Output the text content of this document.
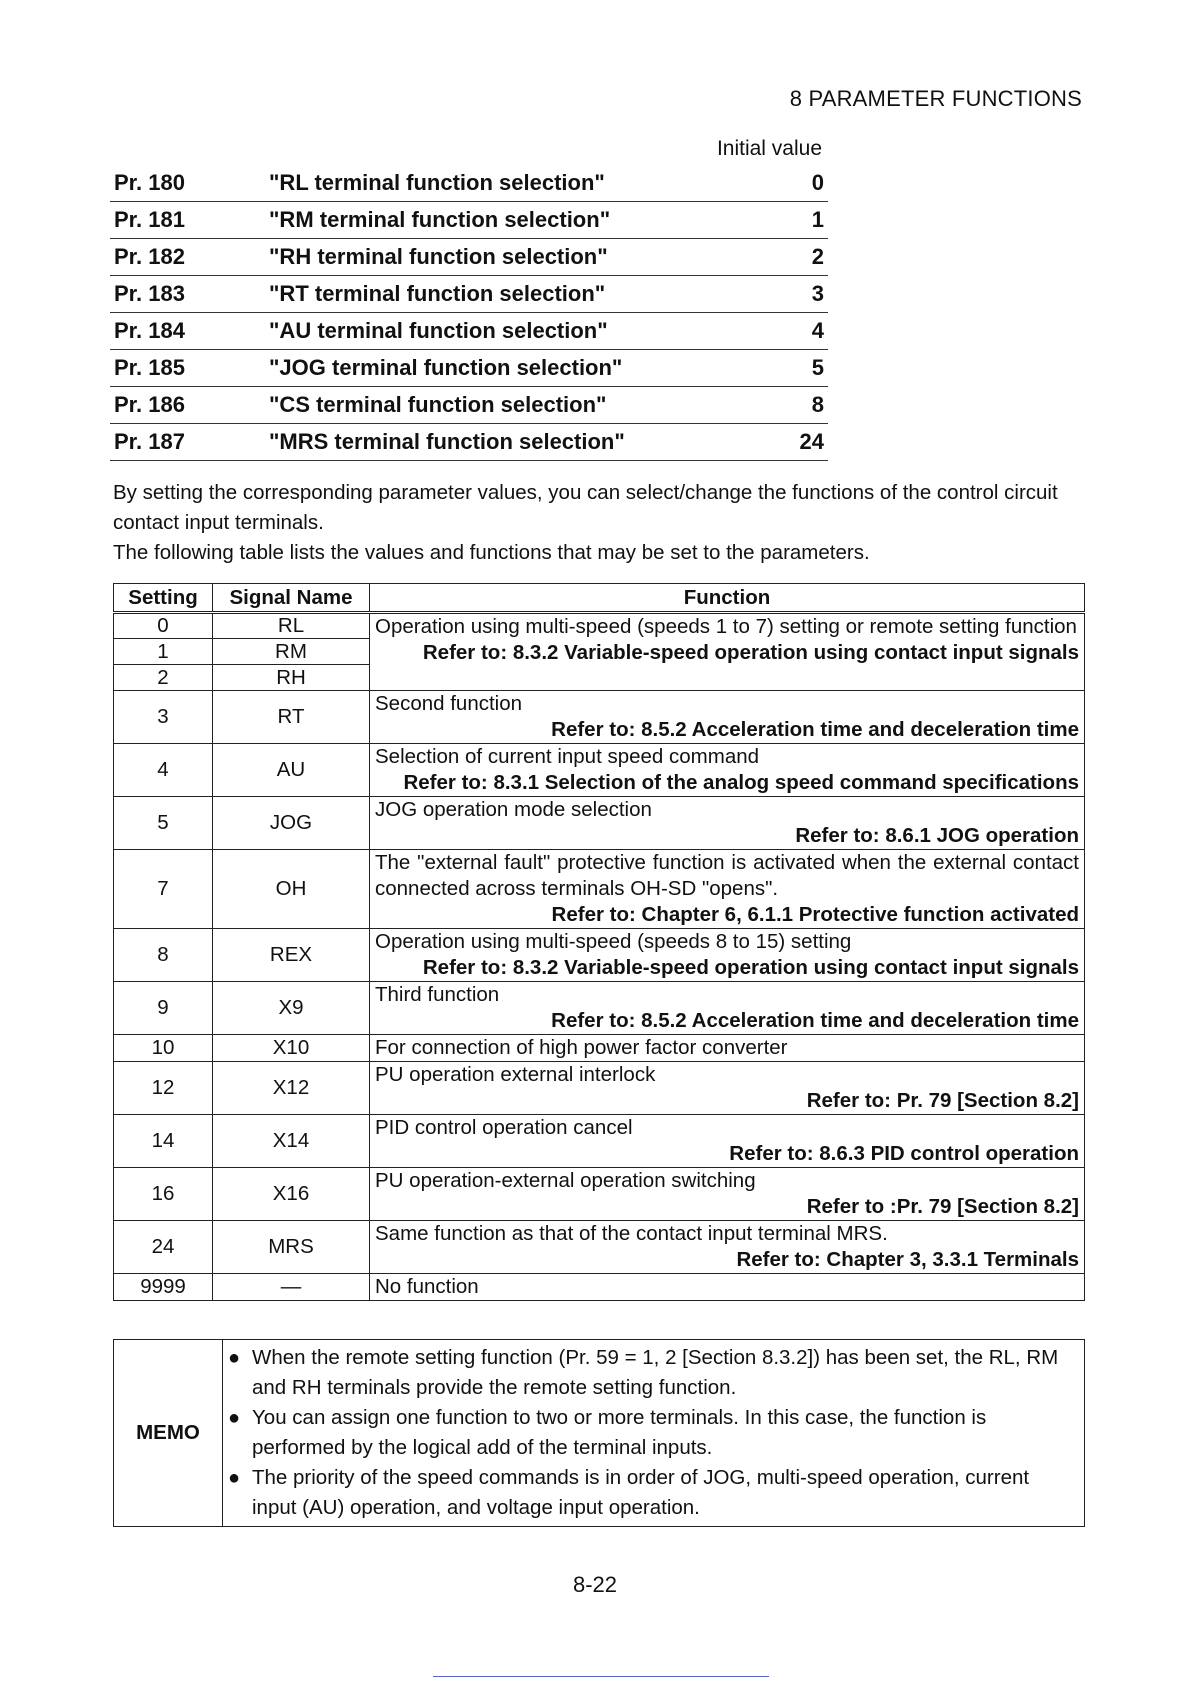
8 PARAMETER FUNCTIONS
Initial value
Pr. 180	"RL terminal function selection"	0
Pr. 181	"RM terminal function selection"	1
Pr. 182	"RH terminal function selection"	2
Pr. 183	"RT terminal function selection"	3
Pr. 184	"AU terminal function selection"	4
Pr. 185	"JOG terminal function selection"	5
Pr. 186	"CS terminal function selection"	8
Pr. 187	"MRS terminal function selection"	24

By setting the corresponding parameter values, you can select/change the functions of the control circuit contact input terminals.

The following table lists the values and functions that may be set to the parameters.

Setting	Signal Name	Function
0	RL	Operation using multi-speed (speeds 1 to 7) setting or remote setting function
Refer to: 8.3.2 Variable-speed operation using contact input signals

1	RM	
2	RH	
3	RT	Second function
Refer to: 8.5.2 Acceleration time and deceleration time

4	AU	Selection of current input speed command
Refer to: 8.3.1 Selection of the analog speed command specifications

5	JOG	JOG operation mode selection
Refer to: 8.6.1 JOG operation

7	OH	The "external fault" protective function is activated when the external contact connected across terminals OH-SD "opens".
Refer to: Chapter 6, 6.1.1 Protective function activated

8	REX	Operation using multi-speed (speeds 8 to 15) setting
Refer to: 8.3.2 Variable-speed operation using contact input signals

9	X9	Third function
Refer to: 8.5.2 Acceleration time and deceleration time

10	X10	For connection of high power factor converter

12	X12	PU operation external interlock
Refer to: Pr. 79 [Section 8.2]

14	X14	PID control operation cancel
Refer to: 8.6.3 PID control operation

16	X16	PU operation-external operation switching
Refer to :Pr. 79 [Section 8.2]

24	MRS	Same function as that of the contact input terminal MRS.
Refer to: Chapter 3, 3.3.1 Terminals

9999	—	No function
MEMO	
● When the remote setting function (Pr. 59 = 1, 2 [Section 8.3.2]) has been set, the RL, RM and RH terminals provide the remote setting function.
● You can assign one function to two or more terminals. In this case, the function is performed by the logical add of the terminal inputs.
● The priority of the speed commands is in order of JOG, multi-speed operation, current input (AU) operation, and voltage input operation.
8-22
